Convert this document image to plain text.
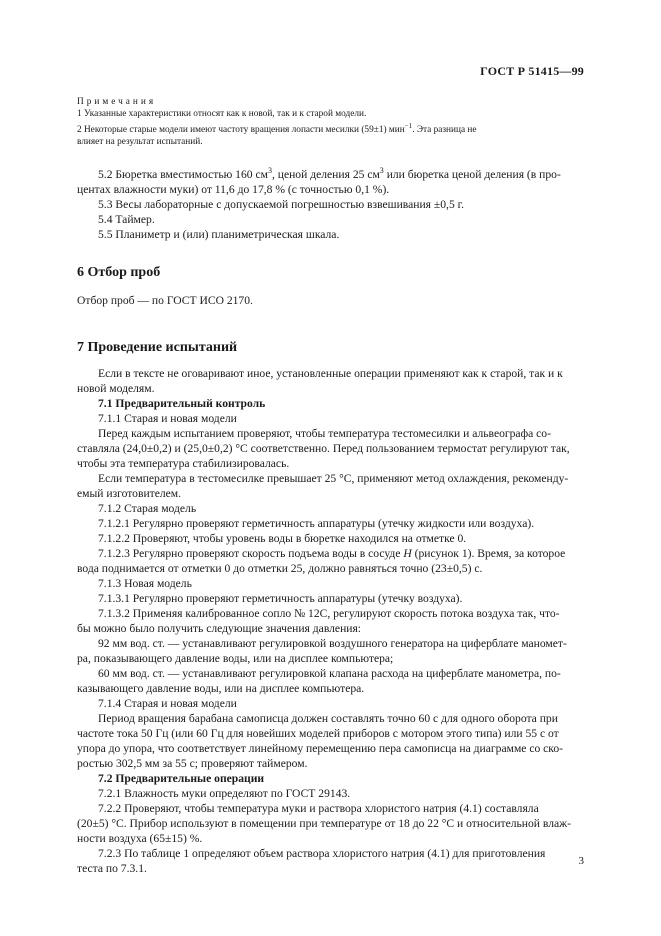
ГОСТ Р 51415—99
Примечания
1 Указанные характеристики относят как к новой, так и к старой модели.
2 Некоторые старые модели имеют частоту вращения лопасти месилки (59±1) мин$^{-1}$. Эта разница не
влияет на результат испытаний.
5.2 Бюретка вместимостью 160 $см^3$, ценой деления 25 $см^3$ или бюретка ценой деления (в про-
центах влажности муки) от 11,6 до 17,8 % (с точностью 0,1 %).
5.3 Весы лабораторные с допускаемой погрешностью взвешивания ±0,5 г.
5.4 Таймер.
5.5 Планиметр и (или) планиметрическая шкала.
6 Отбор проб
Отбор проб — по ГОСТ ИСО 2170.
7 Проведение испытаний
Если в тексте не оговаривают иное, установленные операции применяют как к старой, так и к
новой моделям.
7.1 Предварительный контроль
7.1.1 Старая и новая модели
Перед каждым испытанием проверяют, чтобы температура тестомесилки и альвеографа со-
ставляла (24,0±0,2) и (25,0±0,2) °С соответственно. Перед пользованием термостат регулируют так,
чтобы эта температура стабилизировалась.
Если температура в тестомесилке превышает 25 °С, применяют метод охлаждения, рекоменду-
емый изготовителем.
7.1.2 Старая модель
7.1.2.1 Регулярно проверяют герметичность аппаратуры (утечку жидкости или воздуха).
7.1.2.2 Проверяют, чтобы уровень воды в бюретке находился на отметке 0.
7.1.2.3 Регулярно проверяют скорость подъема воды в сосуде H (рисунок 1). Время, за которое
вода поднимается от отметки 0 до отметки 25, должно равняться точно (23±0,5) с.
7.1.3 Новая модель
7.1.3.1 Регулярно проверяют герметичность аппаратуры (утечку воздуха).
7.1.3.2 Применяя калиброванное сопло № 12С, регулируют скорость потока воздуха так, что-
бы можно было получить следующие значения давления:
92 мм вод. ст. — устанавливают регулировкой воздушного генератора на циферблате маномет-
ра, показывающего давление воды, или на дисплее компьютера;
60 мм вод. ст. — устанавливают регулировкой клапана расхода на циферблате манометра, по-
казывающего давление воды, или на дисплее компьютера.
7.1.4 Старая и новая модели
Период вращения барабана самописца должен составлять точно 60 с для одного оборота при
частоте тока 50 Гц (или 60 Гц для новейших моделей приборов с мотором этого типа) или 55 с от
упора до упора, что соответствует линейному перемещению пера самописца на диаграмме со ско-
ростью 302,5 мм за 55 с; проверяют таймером.
7.2 Предварительные операции
7.2.1 Влажность муки определяют по ГОСТ 29143.
7.2.2 Проверяют, чтобы температура муки и раствора хлористого натрия (4.1) составляла
(20±5) °С. Прибор используют в помещении при температуре от 18 до 22 °С и относительной влаж-
ности воздуха (65±15) %.
7.2.3 По таблице 1 определяют объем раствора хлористого натрия (4.1) для приготовления
теста по 7.3.1.
3
